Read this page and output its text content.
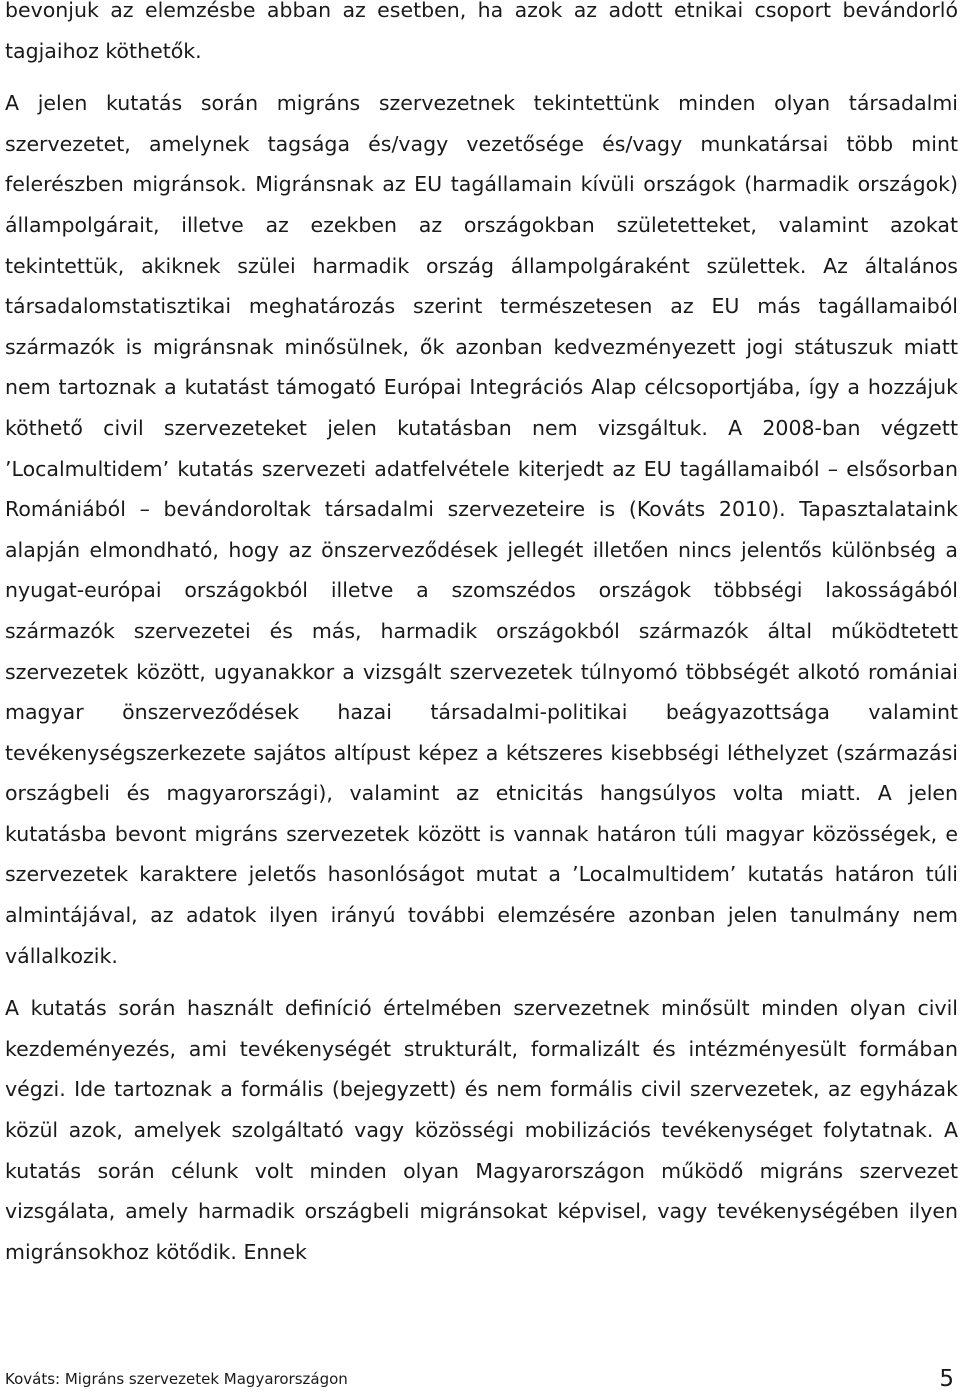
bevonjuk az elemzésbe abban az esetben, ha azok az adott etnikai csoport bevándorló tagjaihoz köthetők.

A jelen kutatás során migráns szervezetnek tekintettünk minden olyan társadalmi szervezetet, amelynek tagsága és/vagy vezetősége és/vagy munkatársai több mint felerészben migránsok. Migránsnak az EU tagállamain kívüli országok (harmadik országok) állampolgárait, illetve az ezekben az országokban születetteket, valamint azokat tekintettük, akiknek szülei harmadik ország állampolgáraként születtek. Az általános társadalomstatisztikai meghatározás szerint természetesen az EU más tagállamaiból származók is migránsnak minősülnek, ők azonban kedvezményezett jogi státuszuk miatt nem tartoznak a kutatást támogató Európai Integrációs Alap célcsoportjába, így a hozzájuk köthető civil szervezeteket jelen kutatásban nem vizsgáltuk. A 2008-ban végzett ’Localmultidem’ kutatás szervezeti adatfelvétele kiterjedt az EU tagállamaiból – elsősorban Romániából – bevándoroltak társadalmi szervezeteire is (Kováts 2010). Tapasztalataink alapján elmondható, hogy az önszerveződések jellegét illetően nincs jelentős különbség a nyugat-európai országokból illetve a szomszédos országok többségi lakosságából származók szervezetei és más, harmadik országokból származók által működtetett szervezetek között, ugyanakkor a vizsgált szervezetek túlnyomó többségét alkotó romániai magyar önszerveződések hazai társadalmi-politikai beágyazottsága valamint tevékenységszerkezete sajátos altípust képez a kétszeres kisebbségi léthelyzet (származási országbeli és magyarországi), valamint az etnicitás hangsúlyos volta miatt. A jelen kutatásba bevont migráns szervezetek között is vannak határon túli magyar közösségek, e szervezetek karaktere jeletős hasonlóságot mutat a ’Localmultidem’ kutatás határon túli almintájával, az adatok ilyen irányú további elemzésére azonban jelen tanulmány nem vállalkozik.

A kutatás során használt definíció értelmében szervezetnek minősült minden olyan civil kezdeményezés, ami tevékenységét strukturált, formalizált és intézményesült formában végzi. Ide tartoznak a formális (bejegyzett) és nem formális civil szervezetek, az egyházak közül azok, amelyek szolgáltató vagy közösségi mobilizációs tevékenységet folytatnak. A kutatás során célunk volt minden olyan Magyarországon működő migráns szervezet vizsgálata, amely harmadik országbeli migránsokat képvisel, vagy tevékenységében ilyen migránsokhoz kötődik. Ennek

Kováts: Migráns szervezetek Magyarországon	5
